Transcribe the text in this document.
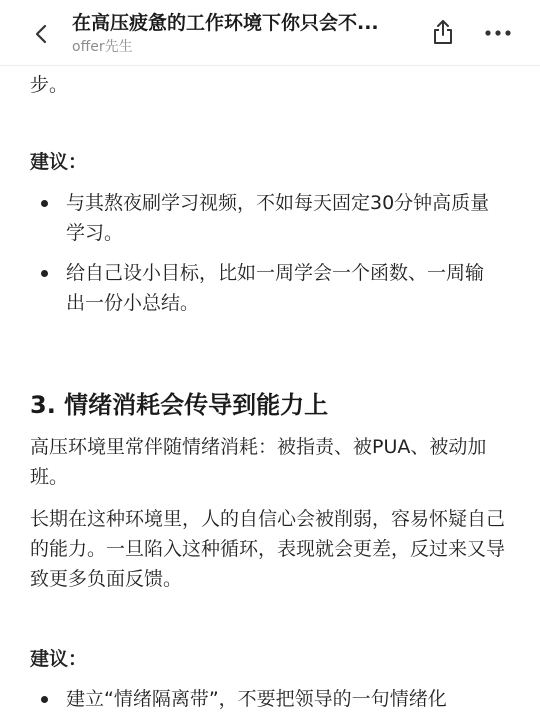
在高压疲惫的工作环境下你只会不...
offer先生

步。

建议：

与其熬夜刷学习视频，不如每天固定30分钟高质量学习。
给自己设小目标，比如一周学会一个函数、一周输出一份小总结。
3. 情绪消耗会传导到能力上

高压环境里常伴随情绪消耗：被指责、被PUA、被动加班。

长期在这种环境里，人的自信心会被削弱，容易怀疑自己的能力。一旦陷入这种循环，表现就会更差，反过来又导致更多负面反馈。

建议：

建立“情绪隔离带”，不要把领导的一句情绪化
